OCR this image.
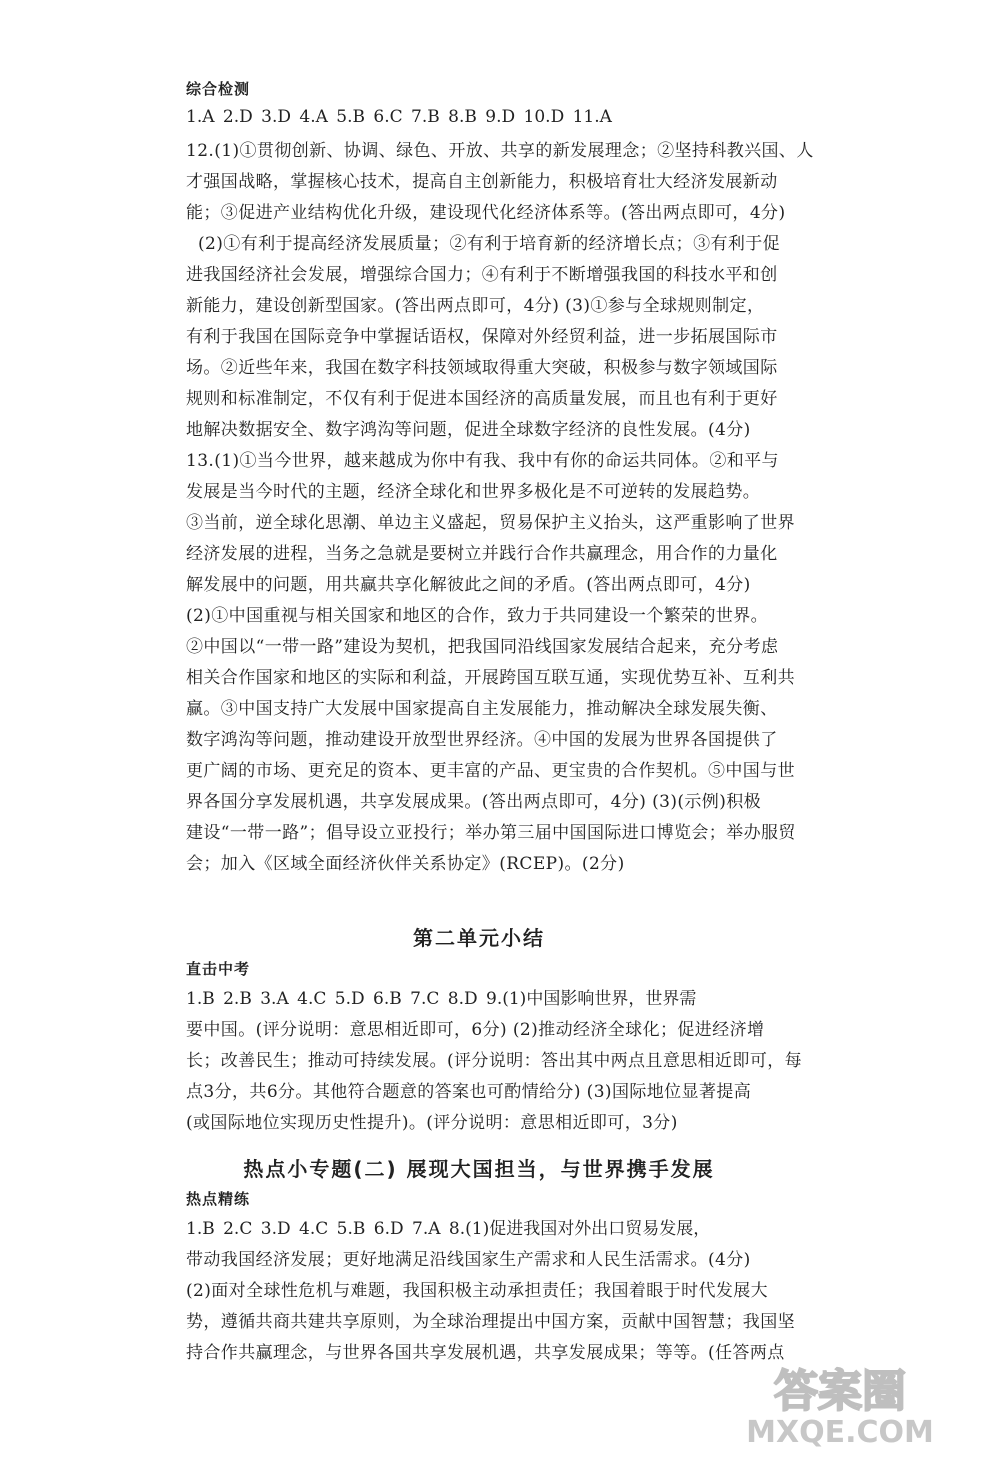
综合检测
1.A 2.D 3.D 4.A 5.B 6.C 7.B 8.B 9.D 10.D 11.A
12.(1)①贯彻创新、协调、绿色、开放、共享的新发展理念；②坚持科教兴国、人
才强国战略，掌握核心技术，提高自主创新能力，积极培育壮大经济发展新动
能；③促进产业结构优化升级，建设现代化经济体系等。(答出两点即可，4分)
(2)①有利于提高经济发展质量；②有利于培育新的经济增长点；③有利于促
进我国经济社会发展，增强综合国力；④有利于不断增强我国的科技水平和创
新能力，建设创新型国家。(答出两点即可，4分) (3)①参与全球规则制定，
有利于我国在国际竞争中掌握话语权，保障对外经贸利益，进一步拓展国际市
场。②近些年来，我国在数字科技领域取得重大突破，积极参与数字领域国际
规则和标准制定，不仅有利于促进本国经济的高质量发展，而且也有利于更好
地解决数据安全、数字鸿沟等问题，促进全球数字经济的良性发展。(4分)
13.(1)①当今世界，越来越成为你中有我、我中有你的命运共同体。②和平与
发展是当今时代的主题，经济全球化和世界多极化是不可逆转的发展趋势。
③当前，逆全球化思潮、单边主义盛起，贸易保护主义抬头，这严重影响了世界
经济发展的进程，当务之急就是要树立并践行合作共赢理念，用合作的力量化
解发展中的问题，用共赢共享化解彼此之间的矛盾。(答出两点即可，4分)
(2)①中国重视与相关国家和地区的合作，致力于共同建设一个繁荣的世界。
②中国以“一带一路”建设为契机，把我国同沿线国家发展结合起来，充分考虑
相关合作国家和地区的实际和利益，开展跨国互联互通，实现优势互补、互利共
赢。③中国支持广大发展中国家提高自主发展能力，推动解决全球发展失衡、
数字鸿沟等问题，推动建设开放型世界经济。④中国的发展为世界各国提供了
更广阔的市场、更充足的资本、更丰富的产品、更宝贵的合作契机。⑤中国与世
界各国分享发展机遇，共享发展成果。(答出两点即可，4分) (3)(示例)积极
建设“一带一路”；倡导设立亚投行；举办第三届中国国际进口博览会；举办服贸
会；加入《区域全面经济伙伴关系协定》(RCEP)。(2分)
第二单元小结
直击中考
1.B 2.B 3.A 4.C 5.D 6.B 7.C 8.D 9.(1)中国影响世界，世界需
要中国。(评分说明：意思相近即可，6分) (2)推动经济全球化；促进经济增
长；改善民生；推动可持续发展。(评分说明：答出其中两点且意思相近即可，每
点3分，共6分。其他符合题意的答案也可酌情给分) (3)国际地位显著提高
(或国际地位实现历史性提升)。(评分说明：意思相近即可，3分)
热点小专题(二) 展现大国担当，与世界携手发展
热点精练
1.B 2.C 3.D 4.C 5.B 6.D 7.A 8.(1)促进我国对外出口贸易发展，
带动我国经济发展；更好地满足沿线国家生产需求和人民生活需求。(4分)
(2)面对全球性危机与难题，我国积极主动承担责任；我国着眼于时代发展大
势，遵循共商共建共享原则，为全球治理提出中国方案，贡献中国智慧；我国坚
持合作共赢理念，与世界各国共享发展机遇，共享发展成果；等等。(任答两点
答案圈
MXQE.COM
